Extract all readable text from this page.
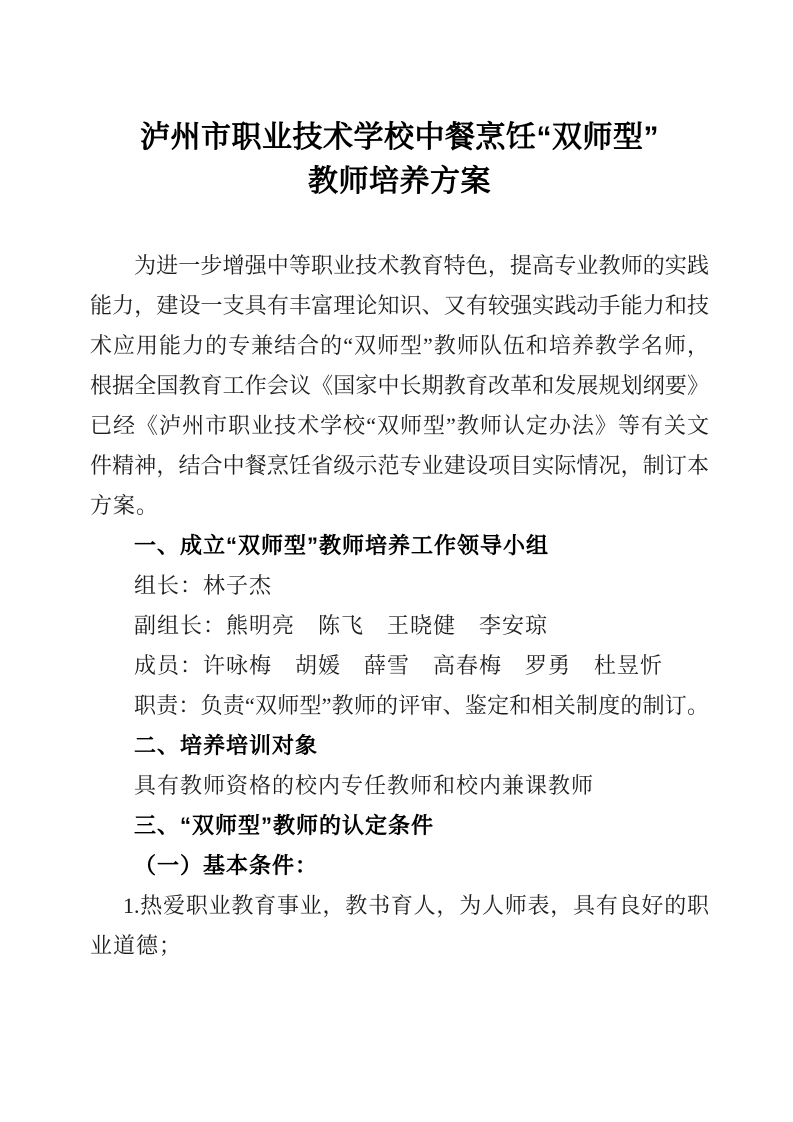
泸州市职业技术学校中餐烹饪“双师型”
教师培养方案

为进一步增强中等职业技术教育特色，提高专业教师的实践

能力，建设一支具有丰富理论知识、又有较强实践动手能力和技

术应用能力的专兼结合的“双师型”教师队伍和培养教学名师，

根据全国教育工作会议《国家中长期教育改革和发展规划纲要》

已经《泸州市职业技术学校“双师型”教师认定办法》等有关文

件精神，结合中餐烹饪省级示范专业建设项目实际情况，制订本

方案。

一、成立“双师型”教师培养工作领导小组

组长：林子杰

副组长：熊明亮　陈飞　王晓健　李安琼

成员：许咏梅　胡媛　薛雪　高春梅　罗勇　杜昱忻

职责：负责“双师型”教师的评审、鉴定和相关制度的制订。

二、培养培训对象

具有教师资格的校内专任教师和校内兼课教师

三、“双师型”教师的认定条件
（一）基本条件：

1.热爱职业教育事业，教书育人，为人师表，具有良好的职

业道德；
